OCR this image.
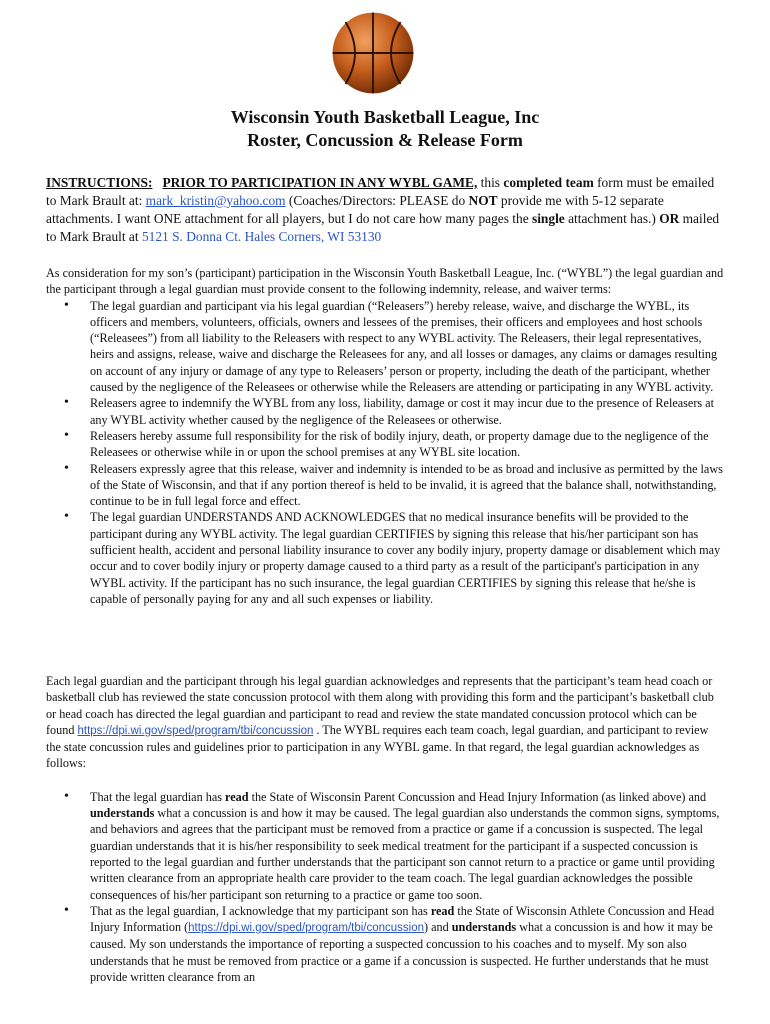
Wisconsin Youth Basketball League, Inc
Roster, Concussion & Release Form
INSTRUCTIONS: PRIOR TO PARTICIPATION IN ANY WYBL GAME, this completed team form must be emailed to Mark Brault at: mark_kristin@yahoo.com (Coaches/Directors: PLEASE do NOT provide me with 5-12 separate attachments. I want ONE attachment for all players, but I do not care how many pages the single attachment has.) OR mailed to Mark Brault at 5121 S. Donna Ct. Hales Corners, WI 53130
As consideration for my son’s (participant) participation in the Wisconsin Youth Basketball League, Inc. (“WYBL”) the legal guardian and the participant through a legal guardian must provide consent to the following indemnity, release, and waiver terms:
• The legal guardian and participant via his legal guardian (“Releasers”) hereby release, waive, and discharge the WYBL, its officers and members, volunteers, officials, owners and lessees of the premises, their officers and employees and host schools (“Releasees”) from all liability to the Releasers with respect to any WYBL activity. The Releasers, their legal representatives, heirs and assigns, release, waive and discharge the Releasees for any, and all losses or damages, any claims or damages resulting on account of any injury or damage of any type to Releasers’ person or property, including the death of the participant, whether caused by the negligence of the Releasees or otherwise while the Releasers are attending or participating in any WYBL activity.
• Releasers agree to indemnify the WYBL from any loss, liability, damage or cost it may incur due to the presence of Releasers at any WYBL activity whether caused by the negligence of the Releasees or otherwise.
• Releasers hereby assume full responsibility for the risk of bodily injury, death, or property damage due to the negligence of the Releasees or otherwise while in or upon the school premises at any WYBL site location.
• Releasers expressly agree that this release, waiver and indemnity is intended to be as broad and inclusive as permitted by the laws of the State of Wisconsin, and that if any portion thereof is held to be invalid, it is agreed that the balance shall, notwithstanding, continue to be in full legal force and effect.
• The legal guardian UNDERSTANDS AND ACKNOWLEDGES that no medical insurance benefits will be provided to the participant during any WYBL activity. The legal guardian CERTIFIES by signing this release that his/her participant son has sufficient health, accident and personal liability insurance to cover any bodily injury, property damage or disablement which may occur and to cover bodily injury or property damage caused to a third party as a result of the participant's participation in any WYBL activity. If the participant has no such insurance, the legal guardian CERTIFIES by signing this release that he/she is capable of personally paying for any and all such expenses or liability.
Each legal guardian and the participant through his legal guardian acknowledges and represents that the participant’s team head coach or basketball club has reviewed the state concussion protocol with them along with providing this form and the participant’s basketball club or head coach has directed the legal guardian and participant to read and review the state mandated concussion protocol which can be found https://dpi.wi.gov/sped/program/tbi/concussion . The WYBL requires each team coach, legal guardian, and participant to review the state concussion rules and guidelines prior to participation in any WYBL game. In that regard, the legal guardian acknowledges as follows:
• That the legal guardian has read the State of Wisconsin Parent Concussion and Head Injury Information (as linked above) and understands what a concussion is and how it may be caused. The legal guardian also understands the common signs, symptoms, and behaviors and agrees that the participant must be removed from a practice or game if a concussion is suspected. The legal guardian understands that it is his/her responsibility to seek medical treatment for the participant if a suspected concussion is reported to the legal guardian and further understands that the participant son cannot return to a practice or game until providing written clearance from an appropriate health care provider to the team coach. The legal guardian acknowledges the possible consequences of his/her participant son returning to a practice or game too soon.
• That as the legal guardian, I acknowledge that my participant son has read the State of Wisconsin Athlete Concussion and Head Injury Information (https://dpi.wi.gov/sped/program/tbi/concussion) and understands what a concussion is and how it may be caused. My son understands the importance of reporting a suspected concussion to his coaches and to myself. My son also understands that he must be removed from practice or a game if a concussion is suspected. He further understands that he must provide written clearance from an
